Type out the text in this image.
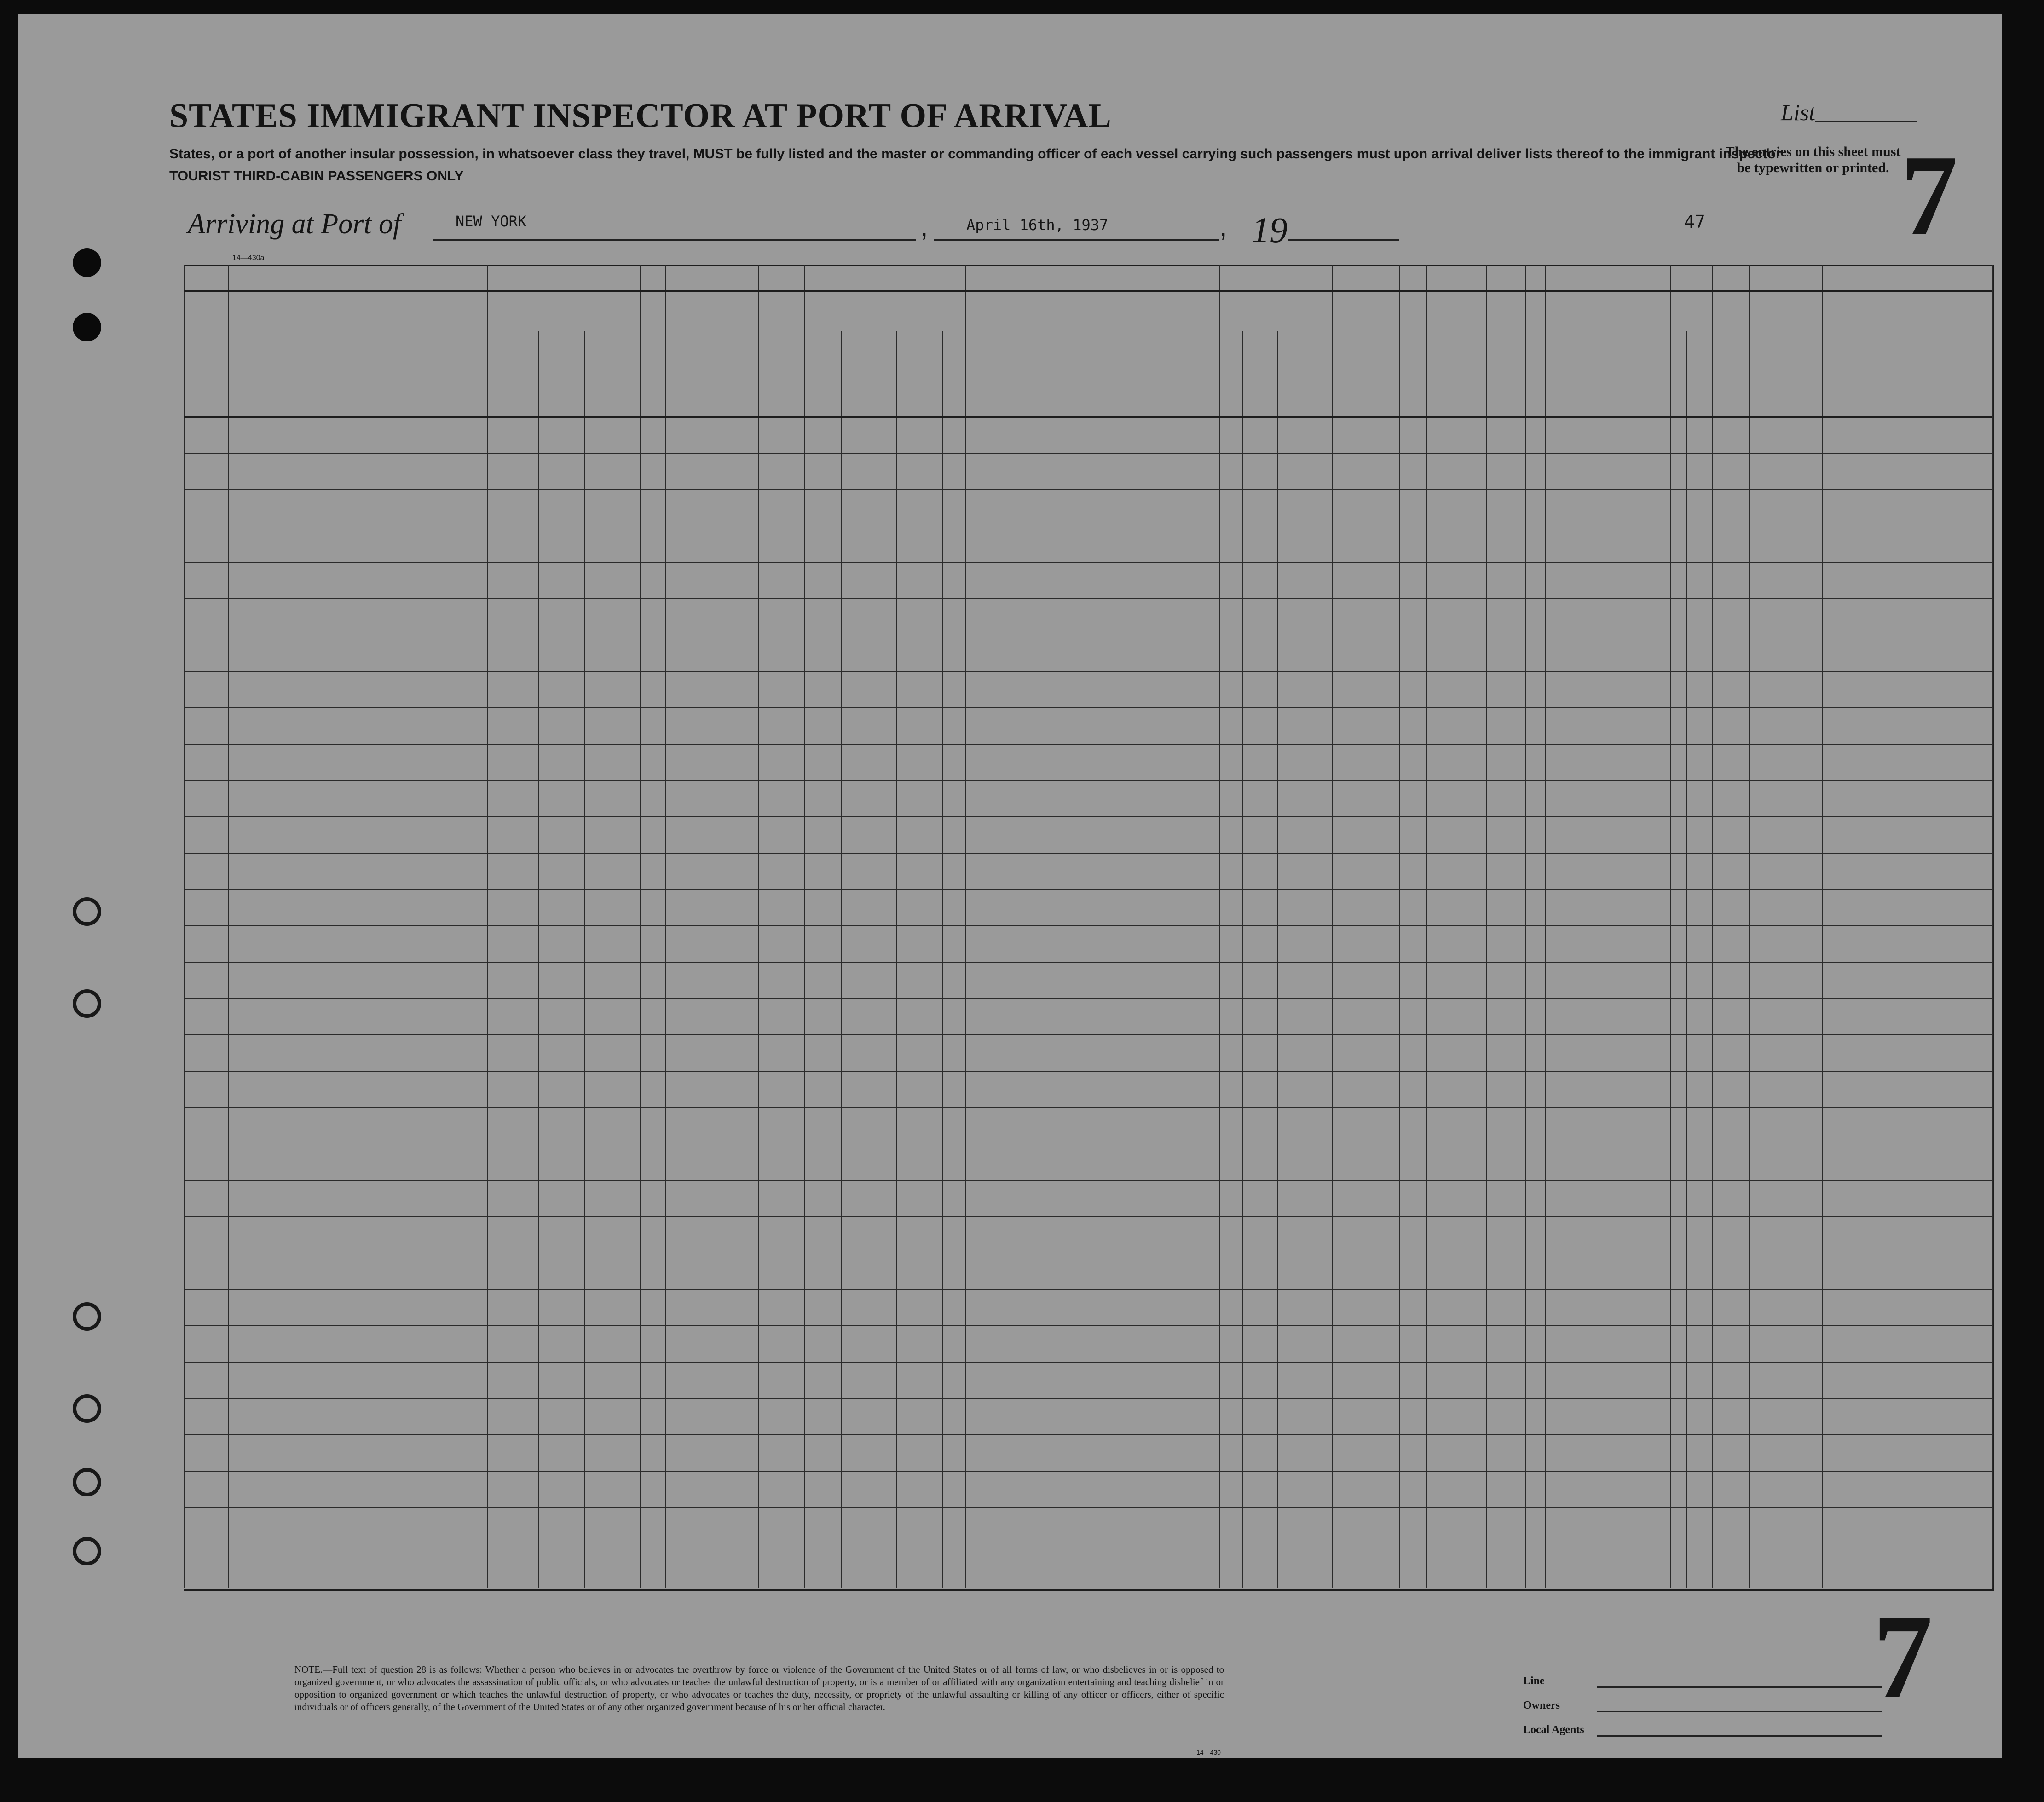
STATES IMMIGRANT INSPECTOR AT PORT OF ARRIVAL
States, or a port of another insular possession, in whatsoever class they travel, MUST be fully listed and the master or commanding officer of each vessel carrying such passengers must upon arrival deliver lists thereof to the immigrant inspector
TOURIST THIRD-CABIN PASSENGERS ONLY
List
The entries on this sheet must be typewritten or printed. 7
Arriving at Port of	NEW YORK	,	April 16th, 1937	, 19	47
14—430a
NOTE.—Full text of question 28 is as follows: Whether a person who believes in or advocates the overthrow by force or violence of the Government of the United States or of all forms of law, or who disbelieves in or is opposed to organized government, or who advocates the assassination of public officials, or who advocates or teaches the unlawful destruction of property, or is a member of or affiliated with any organization entertaining and teaching disbelief in or opposition to organized government or which teaches the unlawful destruction of property, or who advocates or teaches the duty, necessity, or propriety of the unlawful assaulting or killing of any officer or officers, either of specific individuals or of officers generally, of the Government of the United States or of any other organized government because of his or her official character.
14—430
Line
Owners
Local Agents
7
